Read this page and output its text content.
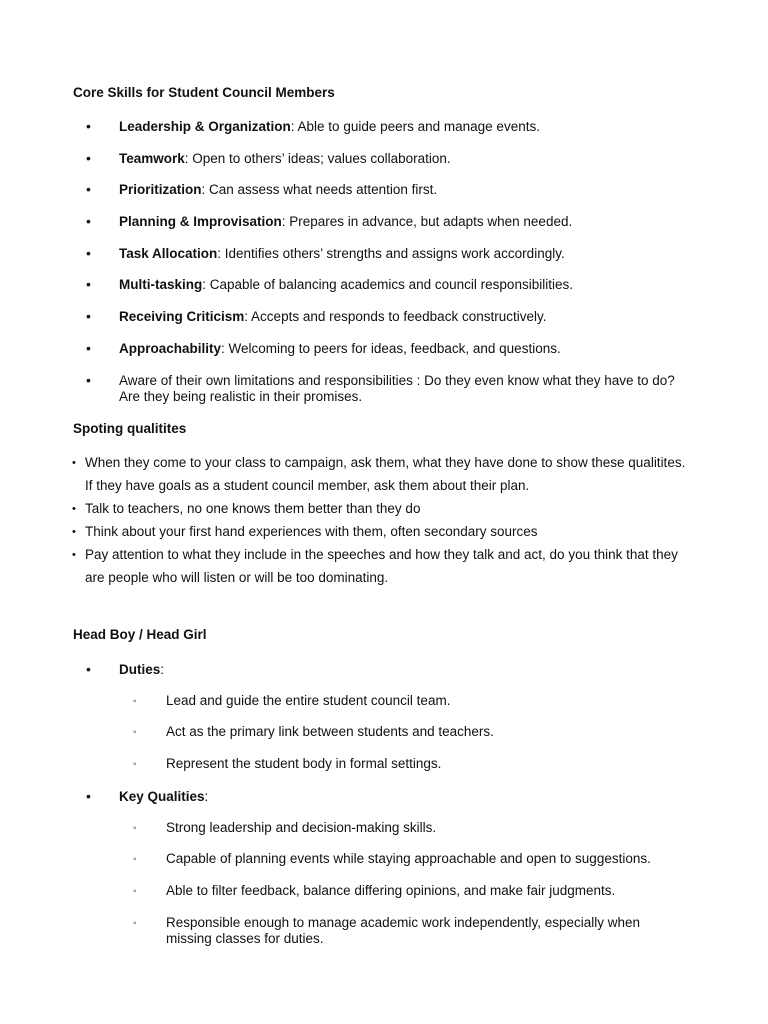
Core Skills for Student Council Members
• Leadership & Organization: Able to guide peers and manage events.
• Teamwork: Open to others’ ideas; values collaboration.
• Prioritization: Can assess what needs attention first.
• Planning & Improvisation: Prepares in advance, but adapts when needed.
• Task Allocation: Identifies others’ strengths and assigns work accordingly.
• Multi-tasking: Capable of balancing academics and council responsibilities.
• Receiving Criticism: Accepts and responds to feedback constructively.
• Approachability: Welcoming to peers for ideas, feedback, and questions.
• Aware of their own limitations and responsibilities : Do they even know what they have to do? Are they being realistic in their promises.
Spoting qualitites
• When they come to your class to campaign, ask them, what they have done to show these qualitites. If they have goals as a student council member, ask them about their plan.
• Talk to teachers, no one knows them better than they do
• Think about your first hand experiences with them, often secondary sources
• Pay attention to what they include in the speeches and how they talk and act, do you think that they are people who will listen or will be too dominating.
Head Boy / Head Girl
• Duties:
◦ Lead and guide the entire student council team.
◦ Act as the primary link between students and teachers.
◦ Represent the student body in formal settings.
• Key Qualities:
◦ Strong leadership and decision-making skills.
◦ Capable of planning events while staying approachable and open to suggestions.
◦ Able to filter feedback, balance differing opinions, and make fair judgments.
◦ Responsible enough to manage academic work independently, especially when missing classes for duties.
